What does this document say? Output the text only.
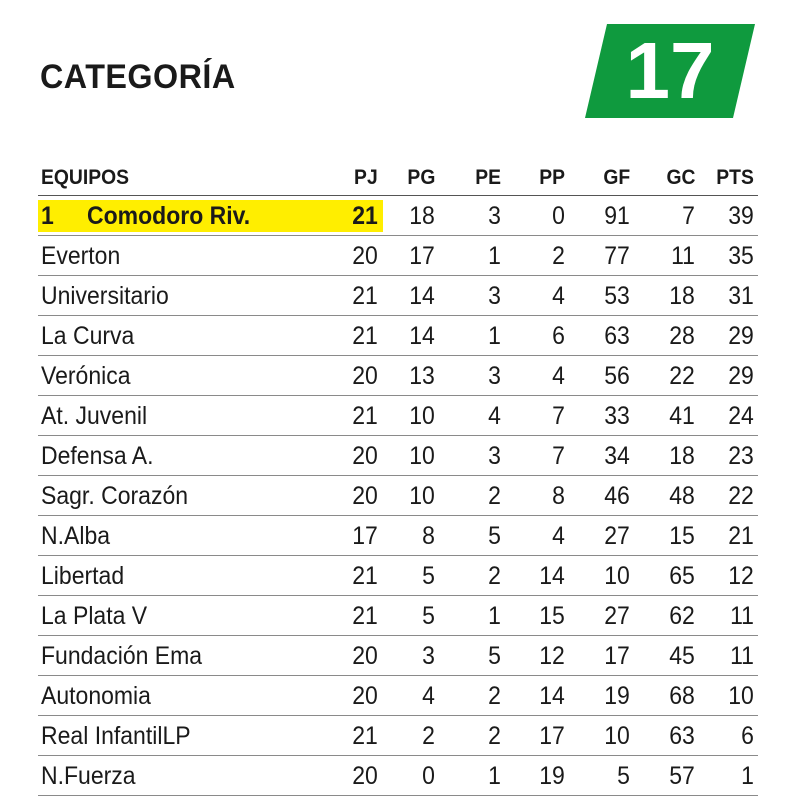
CATEGORÍA	17
EQUIPOS	PJ PG PE PP GF GC PTS
1 Comodoro Riv.	21 18 3 0 91 7 39
Everton	20 17 1 2 77 11 35
Universitario	21 14 3 4 53 18 31
La Curva	21 14 1 6 63 28 29
Verónica	20 13 3 4 56 22 29
At. Juvenil	21 10 4 7 33 41 24
Defensa A.	20 10 3 7 34 18 23
Sagr. Corazón	20 10 2 8 46 48 22
N.Alba	17 8 5 4 27 15 21
Libertad	21 5 2 14 10 65 12
La Plata V	21 5 1 15 27 62 11
Fundación Ema	20 3 5 12 17 45 11
Autonomia	20 4 2 14 19 68 10
Real InfantilLP	21 2 2 17 10 63 6
N.Fuerza	20 0 1 19 5 57 1
